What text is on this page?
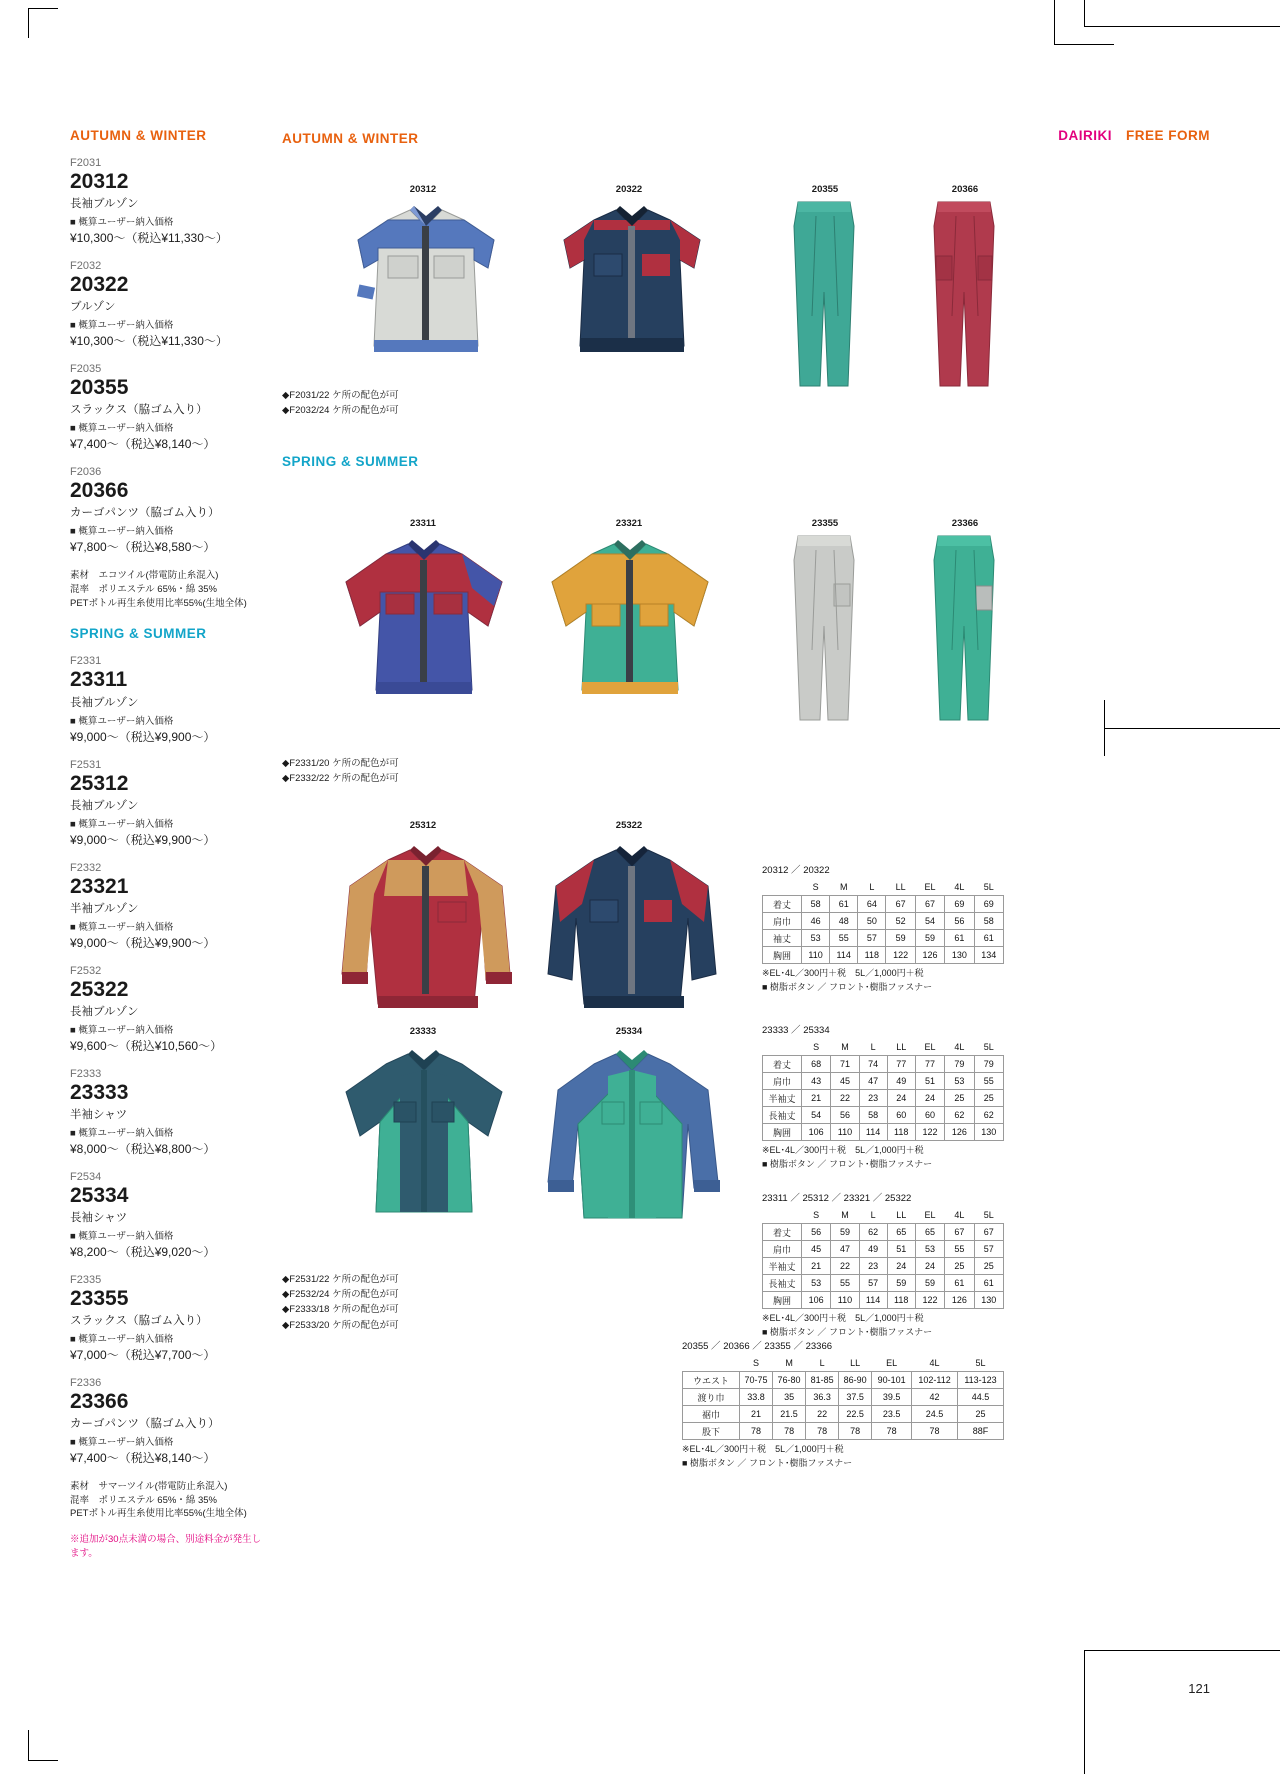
AUTUMN & WINTER
F2031
20312
長袖ブルゾン
■ 概算ユーザー納入価格
¥10,300～（税込¥11,330～）
F2032
20322
ブルゾン
■ 概算ユーザー納入価格
¥10,300～（税込¥11,330～）
F2035
20355
スラックス（脇ゴム入り）
■ 概算ユーザー納入価格
¥7,400～（税込¥8,140～）
F2036
20366
カーゴパンツ（脇ゴム入り）
■ 概算ユーザー納入価格
¥7,800～（税込¥8,580～）
素材　エコツイル(帯電防止糸混入)
混率　ポリエステル 65%・綿 35%
PETボトル再生糸使用比率55%(生地全体)
SPRING & SUMMER
F2331
23311
長袖ブルゾン
■ 概算ユーザー納入価格
¥9,000～（税込¥9,900～）
F2531
25312
長袖ブルゾン
■ 概算ユーザー納入価格
¥9,000～（税込¥9,900～）
F2332
23321
半袖ブルゾン
■ 概算ユーザー納入価格
¥9,000～（税込¥9,900～）
F2532
25322
長袖ブルゾン
■ 概算ユーザー納入価格
¥9,600～（税込¥10,560～）
F2333
23333
半袖シャツ
■ 概算ユーザー納入価格
¥8,000～（税込¥8,800～）
F2534
25334
長袖シャツ
■ 概算ユーザー納入価格
¥8,200～（税込¥9,020～）
F2335
23355
スラックス（脇ゴム入り）
■ 概算ユーザー納入価格
¥7,000～（税込¥7,700～）
F2336
23366
カーゴパンツ（脇ゴム入り）
■ 概算ユーザー納入価格
¥7,400～（税込¥8,140～）
素材　サマーツイル(帯電防止糸混入)
混率　ポリエステル 65%・綿 35%
PETボトル再生糸使用比率55%(生地全体)
※追加が30点未満の場合、別途料金が発生します。
DAIRIKI FREE FORM
AUTUMN & WINTER
20312	20322	20355	20366
◆F2031/22 ケ所の配色が可
◆F2032/24 ケ所の配色が可
SPRING & SUMMER
23311	23321	23355	23366
◆F2331/20 ケ所の配色が可
◆F2332/22 ケ所の配色が可
25312	25322
23333	25334
◆F2531/22 ケ所の配色が可
◆F2532/24 ケ所の配色が可
◆F2333/18 ケ所の配色が可
◆F2533/20 ケ所の配色が可
20312 ／ 20322
	S	M	L	LL	EL	4L	5L
着丈	58	61	64	67	67	69	69
肩巾	46	48	50	52	54	56	58
袖丈	53	55	57	59	59	61	61
胸囲	110	114	118	122	126	130	134
※EL･4L／300円＋税　5L／1,000円＋税
■ 樹脂ボタン ／ フロント･樹脂ファスナー
23333 ／ 25334
	S	M	L	LL	EL	4L	5L
着丈	68	71	74	77	77	79	79
肩巾	43	45	47	49	51	53	55
半袖丈	21	22	23	24	24	25	25
長袖丈	54	56	58	60	60	62	62
胸囲	106	110	114	118	122	126	130
※EL･4L／300円＋税　5L／1,000円＋税
■ 樹脂ボタン ／ フロント･樹脂ファスナー
23311 ／ 25312 ／ 23321 ／ 25322
	S	M	L	LL	EL	4L	5L
着丈	56	59	62	65	65	67	67
肩巾	45	47	49	51	53	55	57
半袖丈	21	22	23	24	24	25	25
長袖丈	53	55	57	59	59	61	61
胸囲	106	110	114	118	122	126	130
※EL･4L／300円＋税　5L／1,000円＋税
■ 樹脂ボタン ／ フロント･樹脂ファスナー
20355 ／ 20366 ／ 23355 ／ 23366
	S	M	L	LL	EL	4L	5L
ウエスト	70-75	76-80	81-85	86-90	90-101	102-112	113-123
渡り巾	33.8	35	36.3	37.5	39.5	42	44.5
裾巾	21	21.5	22	22.5	23.5	24.5	25
股下	78	78	78	78	78	78	88F
※EL･4L／300円＋税　5L／1,000円＋税
■ 樹脂ボタン ／ フロント･樹脂ファスナー
121
